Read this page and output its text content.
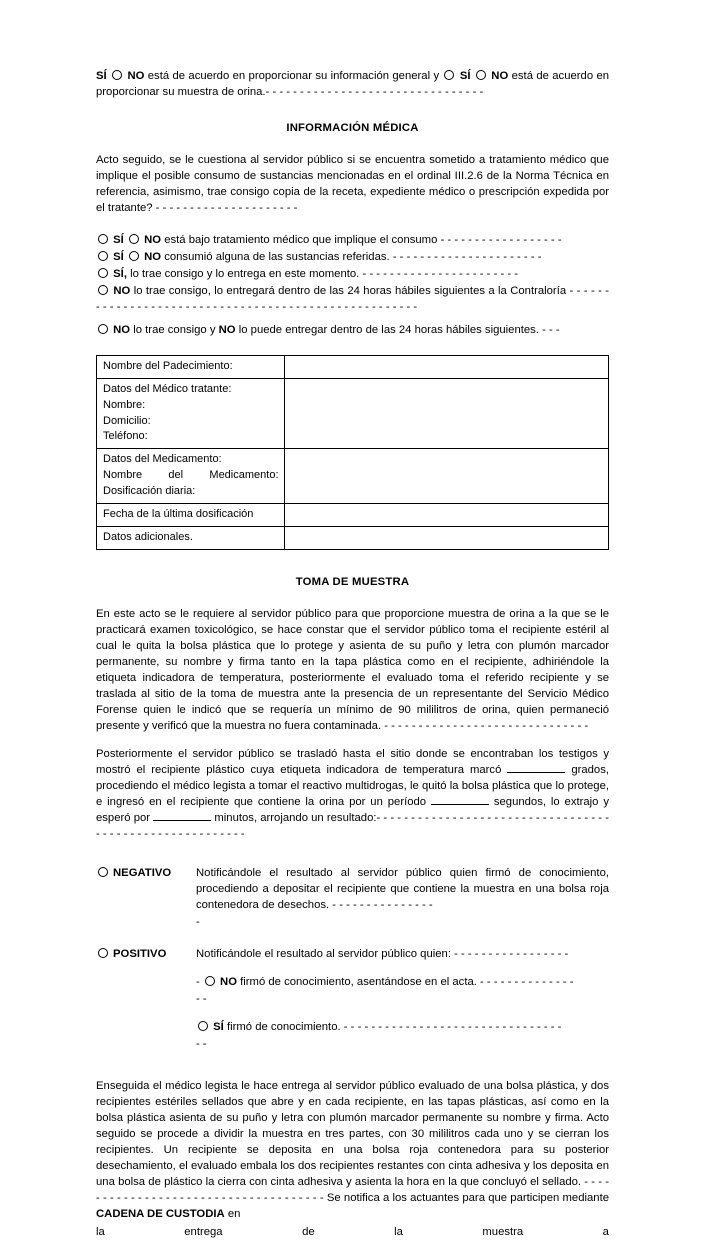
SÍ NO está de acuerdo en proporcionar su información general y SÍ NO está de acuerdo en proporcionar su muestra de orina.- - - - - - - - - - - - - - - - - - - - - - - - - - - - - - - -

INFORMACIÓN MÉDICA

Acto seguido, se le cuestiona al servidor público si se encuentra sometido a tratamiento médico que implique el posible consumo de sustancias mencionadas en el ordinal III.2.6 de la Norma Técnica en referencia, asimismo, trae consigo copia de la receta, expediente médico o prescripción expedida por el tratante? - - - - - - - - - - - - - - - - - - - - -

SÍ NO está bajo tratamiento médico que implique el consumo - - - - - - - - - - - - - - - - - -

SÍ NO consumió alguna de las sustancias referidas. - - - - - - - - - - - - - - - - - - - - - -

SÍ, lo trae consigo y lo entrega en este momento. - - - - - - - - - - - - - - - - - - - - - - -

NO lo trae consigo, lo entregará dentro de las 24 horas hábiles siguientes a la Contraloría - - - - - - - - - - - - - - - - - - - - - - - - - - - - - - - - - - - - - - - - - - - - - - - - - - - - -

NO lo trae consigo y NO lo puede entregar dentro de las 24 horas hábiles siguientes. - - -

Nombre del Padecimiento:	

Datos del Médico tratante:
Nombre:
Domicilio:
Teléfono:	

Datos del Medicamento:
Nombre del Medicamento:
Dosificación diaria:	

Fecha de la última dosificación	

Datos adicionales.	

TOMA DE MUESTRA

En este acto se le requiere al servidor público para que proporcione muestra de orina a la que se le practicará examen toxicológico, se hace constar que el servidor público toma el recipiente estéril al cual le quita la bolsa plástica que lo protege y asienta de su puño y letra con plumón marcador permanente, su nombre y firma tanto en la tapa plástica como en el recipiente, adhiriéndole la etiqueta indicadora de temperatura, posteriormente el evaluado toma el referido recipiente y se traslada al sitio de la toma de muestra ante la presencia de un representante del Servicio Médico Forense quien le indicó que se requería un mínimo de 90 mililitros de orina, quien permaneció presente y verificó que la muestra no fuera contaminada. - - - - - - - - - - - - - - - - - - - - - - - - - - - - - -

Posteriormente el servidor público se trasladó hasta el sitio donde se encontraban los testigos y mostró el recipiente plástico cuya etiqueta indicadora de temperatura marcó	grados, procediendo el médico legista a tomar el reactivo multidrogas, le quitó la bolsa plástica que lo protege, e ingresó en el recipiente que contiene la orina por un período	segundos, lo extrajo y esperó por	minutos, arrojando un resultado:- - - - - - - - - - - - - - - - - - - - - - - - - - - - - - - - - - - - - - - - - - - - - - - - - - - - - - - -

NEGATIVO	Notificándole el resultado al servidor público quien firmó de conocimiento, procediendo a depositar el recipiente que contiene la muestra en una bolsa roja contenedora de desechos. - - - - - - - - - - - - - - -
-
POSITIVO	Notificándole el resultado al servidor público quien: - - - - - - - - - - - - - - - - -
- NO firmó de conocimiento, asentándose en el acta. - - - - - - - - - - - - - -
- -
SÍ firmó de conocimiento. - - - - - - - - - - - - - - - - - - - - - - - - - - - - - - - -
- -

Enseguida el médico legista le hace entrega al servidor público evaluado de una bolsa plástica, y dos recipientes estériles sellados que abre y en cada recipiente, en las tapas plásticas, así como en la bolsa plástica asienta de su puño y letra con plumón marcador permanente su nombre y firma. Acto seguido se procede a dividir la muestra en tres partes, con 30 mililitros cada uno y se cierran los recipientes. Un recipiente se deposita en una bolsa roja contenedora para su posterior desechamiento, el evaluado embala los dos recipientes restantes con cinta adhesiva y los deposita en una bolsa de plástico la cierra con cinta adhesiva y asienta la hora en la que concluyó el sellado. - - - - - - - - - - - - - - - - - - - - - - - - - - - - - - - - - - - - - Se notifica a los actuantes para que participen mediante CADENA DE CUSTODIA en

la	entrega	de	la	muestra	a
